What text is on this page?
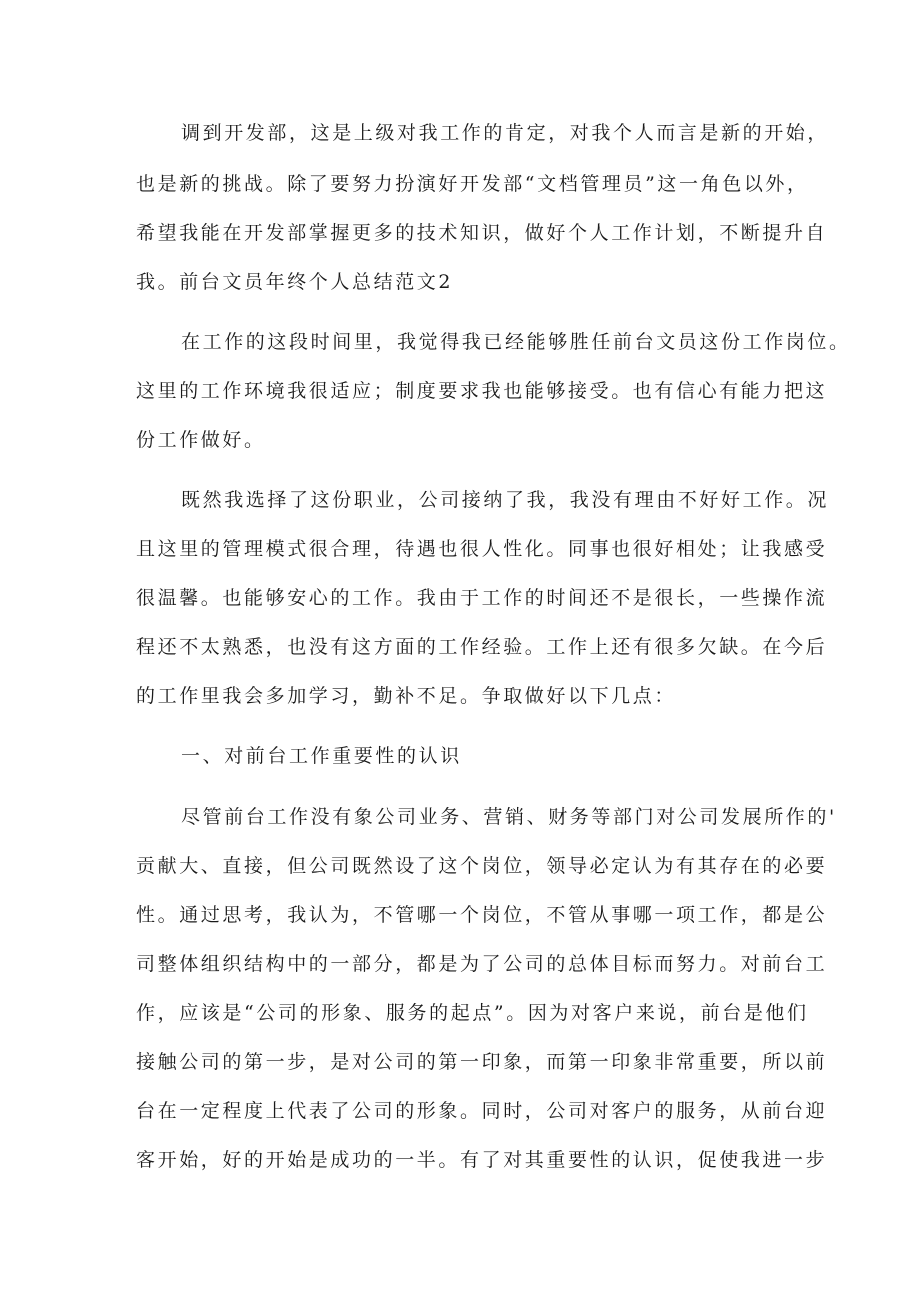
调到开发部，这是上级对我工作的肯定，对我个人而言是新的开始，
也是新的挑战。除了要努力扮演好开发部“文档管理员”这一角色以外，
希望我能在开发部掌握更多的技术知识，做好个人工作计划，不断提升自
我。前台文员年终个人总结范文2
在工作的这段时间里，我觉得我已经能够胜任前台文员这份工作岗位。
这里的工作环境我很适应；制度要求我也能够接受。也有信心有能力把这
份工作做好。
既然我选择了这份职业，公司接纳了我，我没有理由不好好工作。况
且这里的管理模式很合理，待遇也很人性化。同事也很好相处；让我感受
很温馨。也能够安心的工作。我由于工作的时间还不是很长，一些操作流
程还不太熟悉，也没有这方面的工作经验。工作上还有很多欠缺。在今后
的工作里我会多加学习，勤补不足。争取做好以下几点：
一、对前台工作重要性的认识
尽管前台工作没有象公司业务、营销、财务等部门对公司发展所作的'
贡献大、直接，但公司既然设了这个岗位，领导必定认为有其存在的必要
性。通过思考，我认为，不管哪一个岗位，不管从事哪一项工作，都是公
司整体组织结构中的一部分，都是为了公司的总体目标而努力。对前台工
作，应该是“公司的形象、服务的起点”。因为对客户来说，前台是他们
接触公司的第一步，是对公司的第一印象，而第一印象非常重要，所以前
台在一定程度上代表了公司的形象。同时，公司对客户的服务，从前台迎
客开始，好的开始是成功的一半。有了对其重要性的认识，促使我进一步
